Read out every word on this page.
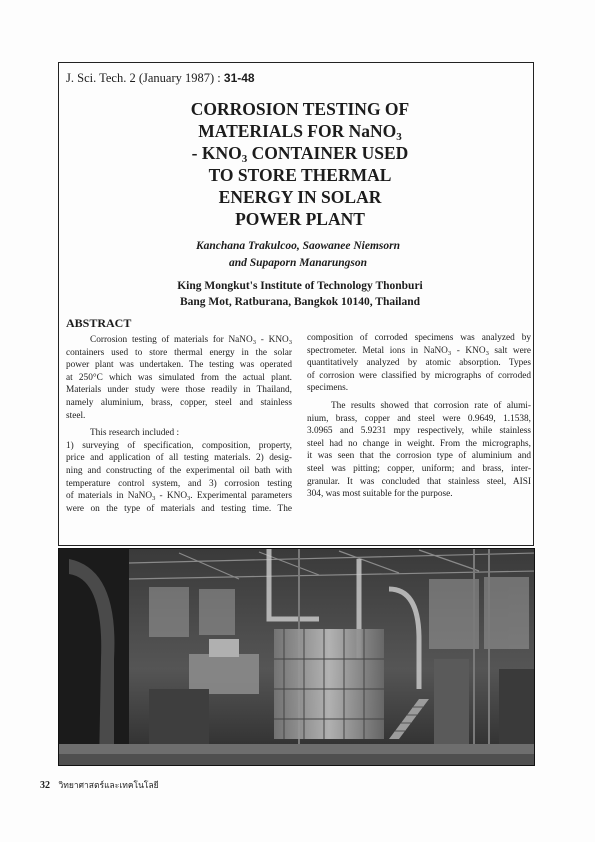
J. Sci. Tech. 2 (January 1987) : 31-48
CORROSION TESTING OF
MATERIALS FOR NaNO$_3$
- $KNO_3$ CONTAINER USED
TO STORE THERMAL
ENERGY IN SOLAR
POWER PLANT
Kanchana Trakulcoo, Saowanee Niemsorn
and Supaporn Manarungson
King Mongkut's Institute of Technology Thonburi
Bang Mot, Ratburana, Bangkok 10140, Thailand
ABSTRACT
Corrosion testing of materials for NaNO$_3$ - $KNO_3$
containers used to store thermal energy in the solar
power plant was undertaken. The testing was operated
at 250°C which was simulated from the actual plant.
Materials under study were those readily in Thailand,
namely aluminium, brass, copper, steel and stainless
steel.
This research included :
1) surveying of specification, composition, property,
price and application of all testing materials. 2) desig-
ning and constructing of the experimental oil bath with
temperature control system, and 3) corrosion testing
of materials in NaNO$_3$ - $KNO_3$. Experimental parameters
were on the type of materials and testing time. The
composition of corroded specimens was analyzed by
spectrometer. Metal ions in NaNO$_3$ - $KNO_3$ salt were
quantitatively analyzed by atomic absorption. Types
of corrosion were classified by micrographs of corroded
specimens.
The results showed that corrosion rate of alumi-
nium, brass, copper and steel were 0.9649, 1.1538,
3.0965 and 5.9231 mpy respectively, while stainless
steel had no change in weight. From the micrographs,
it was seen that the corrosion type of aluminium and
steel was pitting; copper, uniform; and brass, inter-
granular. It was concluded that stainless steel, AISI
304, was most suitable for the purpose.
32 วิทยาศาสตร์และเทคโนโลยี
